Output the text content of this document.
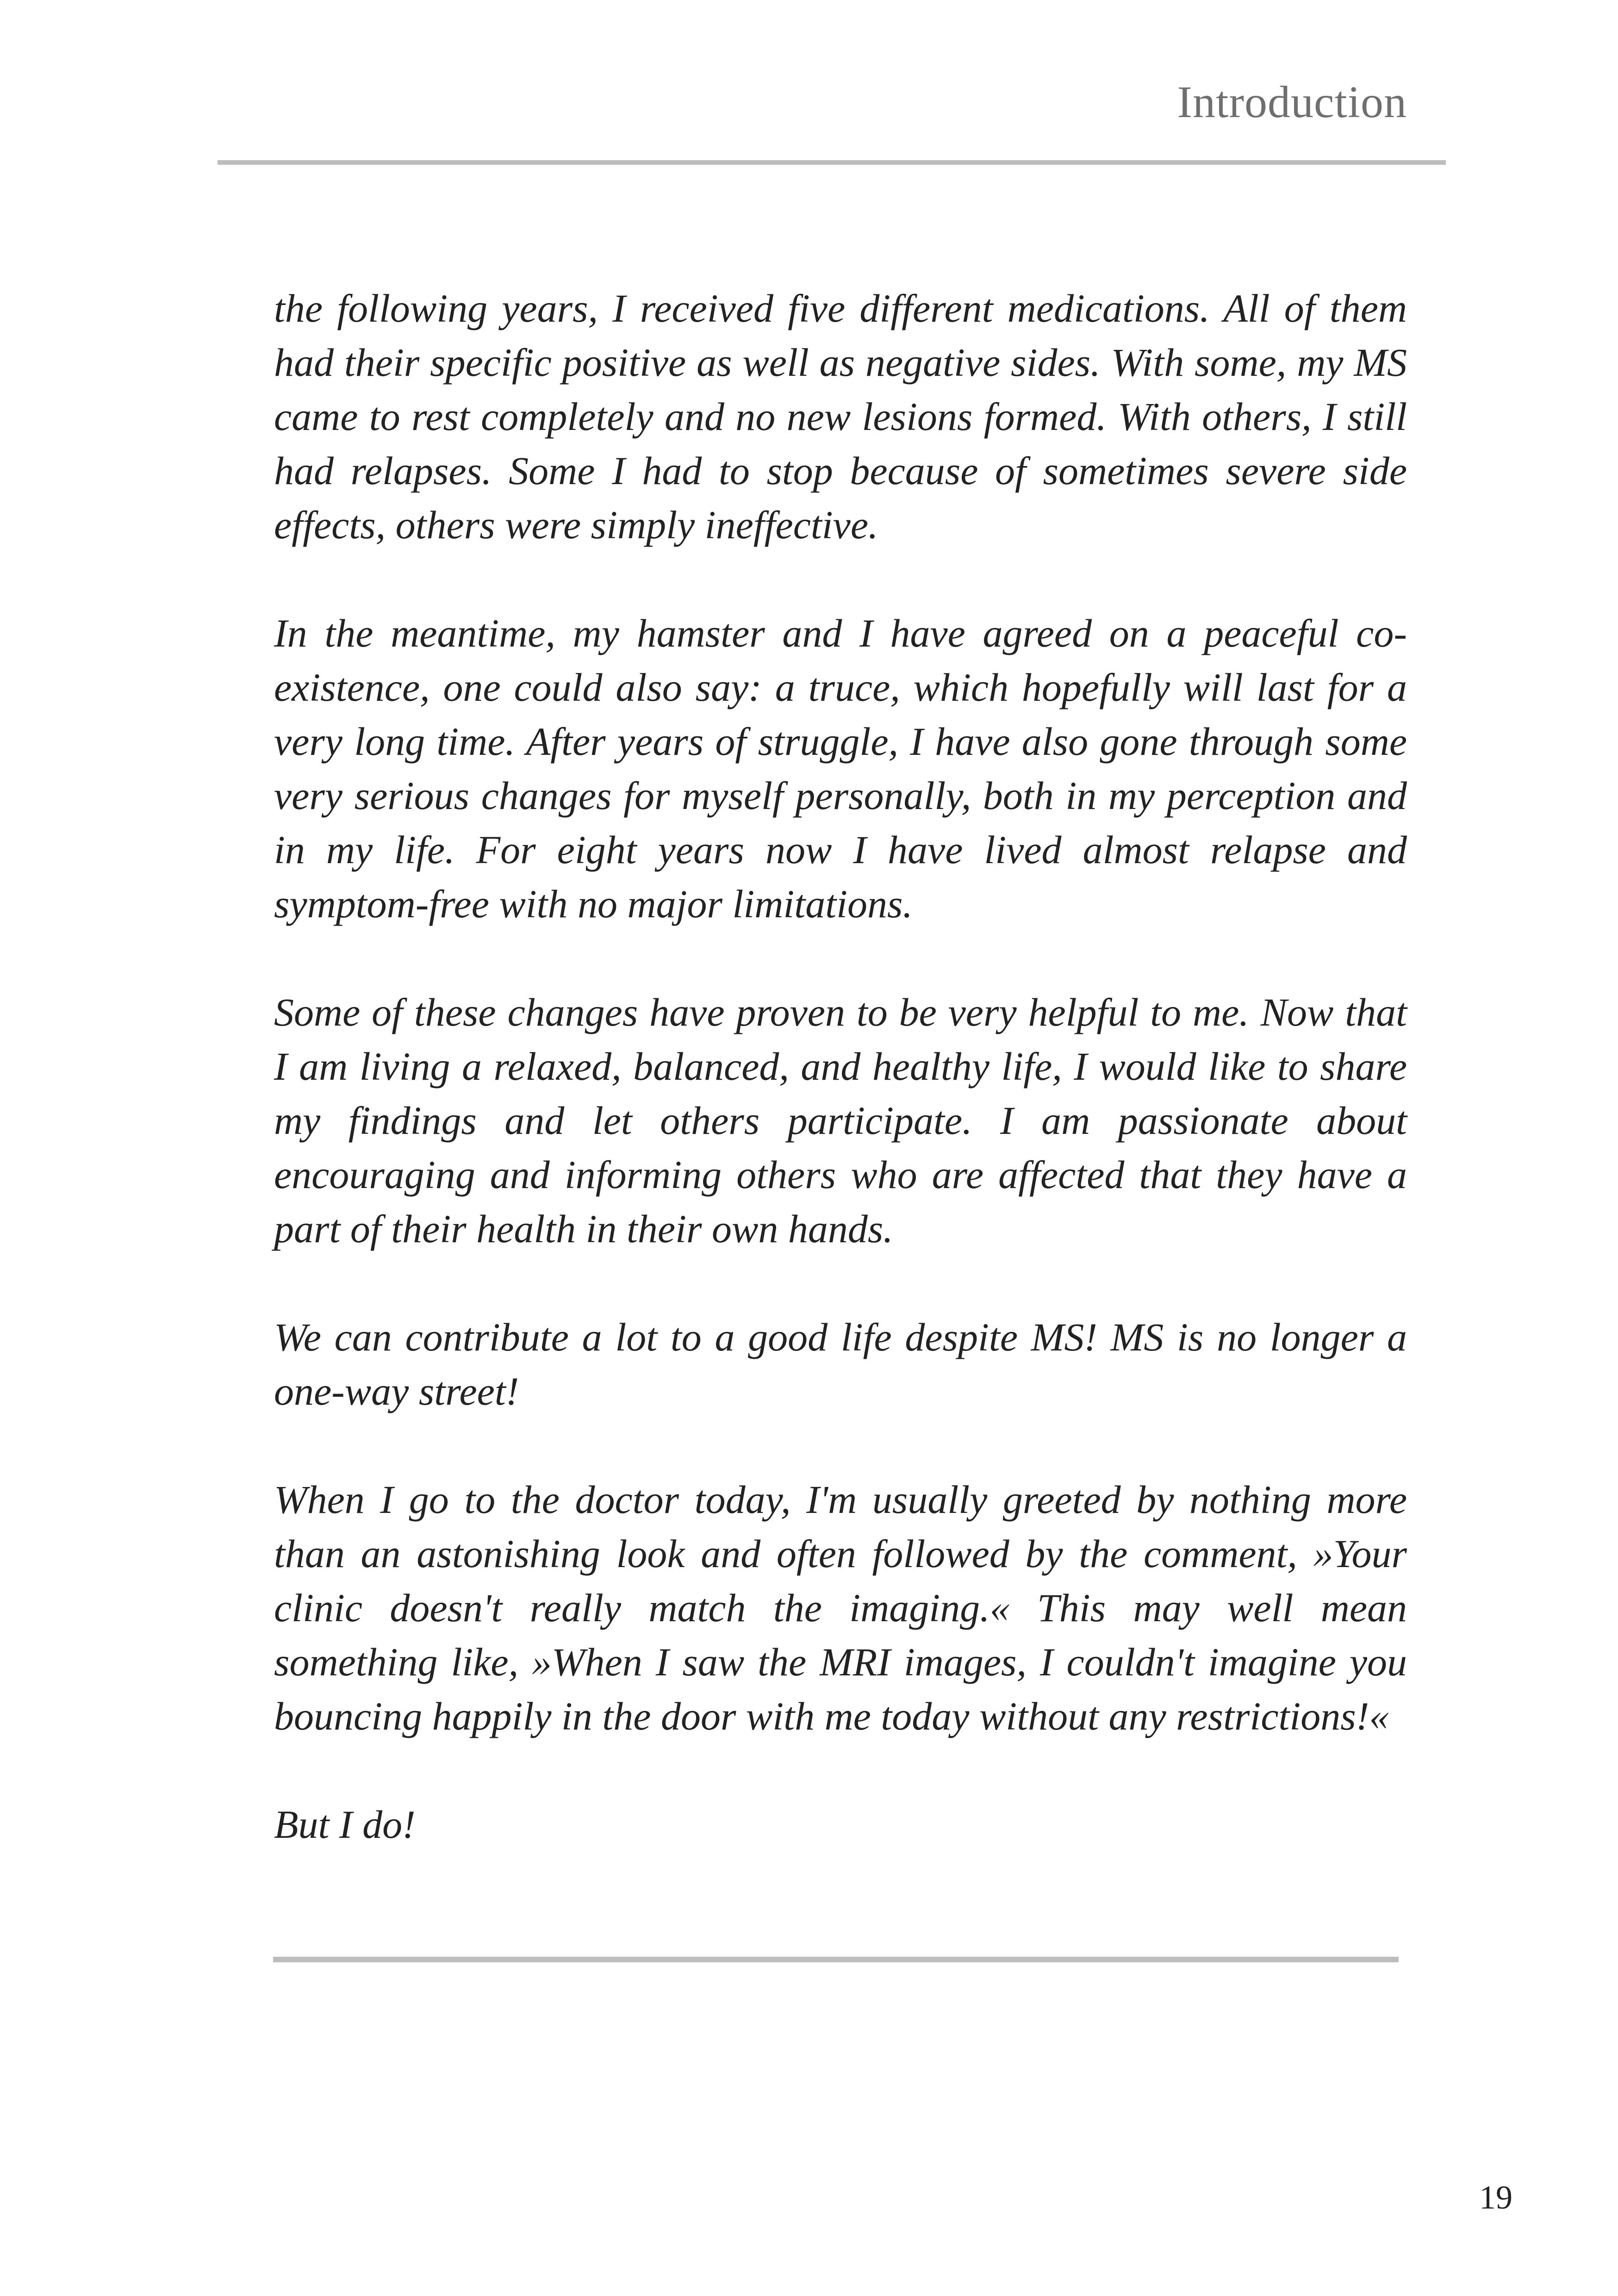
Introduction

the following years, I received five different medications. All of them had their specific positive as well as negative sides. With some, my MS came to rest completely and no new lesions formed. With others, I still had relapses. Some I had to stop because of sometimes severe side effects, others were simply ineffective.

In the meantime, my hamster and I have agreed on a peaceful co-existence, one could also say: a truce, which hopefully will last for a very long time. After years of struggle, I have also gone through some very serious changes for myself personally, both in my perception and in my life. For eight years now I have lived almost relapse and symptom-free with no major limitations.

Some of these changes have proven to be very helpful to me. Now that I am living a relaxed, balanced, and healthy life, I would like to share my findings and let others participate. I am passionate about encouraging and informing others who are affected that they have a part of their health in their own hands.

We can contribute a lot to a good life despite MS! MS is no longer a one-way street!

When I go to the doctor today, I'm usually greeted by nothing more than an astonishing look and often followed by the comment, »Your clinic doesn't really match the imaging.« This may well mean something like, »When I saw the MRI images, I couldn't imagine you bouncing happily in the door with me today without any restrictions!«

But I do!

19
